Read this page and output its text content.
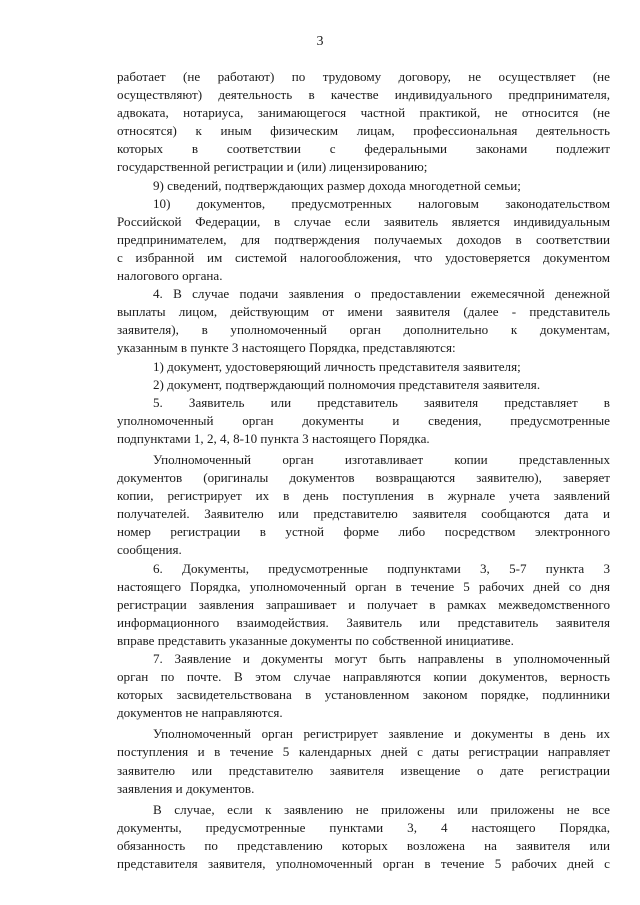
3

работает (не работают) по трудовому договору, не осуществляет (не

осуществляют) деятельность в качестве индивидуального предпринимателя,

адвоката, нотариуса, занимающегося частной практикой, не относится (не

относятся) к иным физическим лицам, профессиональная деятельность

которых в соответствии с федеральными законами подлежит

государственной регистрации и (или) лицензированию;

9) сведений, подтверждающих размер дохода многодетной семьи;

10) документов, предусмотренных налоговым законодательством

Российской Федерации, в случае если заявитель является индивидуальным

предпринимателем, для подтверждения получаемых доходов в соответствии

с избранной им системой налогообложения, что удостоверяется документом

налогового органа.

4. В случае подачи заявления о предоставлении ежемесячной денежной

выплаты лицом, действующим от имени заявителя (далее - представитель

заявителя), в уполномоченный орган дополнительно к документам,

указанным в пункте 3 настоящего Порядка, представляются:

1) документ, удостоверяющий личность представителя заявителя;

2) документ, подтверждающий полномочия представителя заявителя.

5. Заявитель или представитель заявителя представляет в

уполномоченный орган документы и сведения, предусмотренные

подпунктами 1, 2, 4, 8-10 пункта 3 настоящего Порядка.

Уполномоченный орган изготавливает копии представленных

документов (оригиналы документов возвращаются заявителю), заверяет

копии, регистрирует их в день поступления в журнале учета заявлений

получателей. Заявителю или представителю заявителя сообщаются дата и

номер регистрации в устной форме либо посредством электронного

сообщения.

6. Документы, предусмотренные подпунктами 3, 5-7 пункта 3

настоящего Порядка, уполномоченный орган в течение 5 рабочих дней со дня

регистрации заявления запрашивает и получает в рамках межведомственного

информационного взаимодействия. Заявитель или представитель заявителя

вправе представить указанные документы по собственной инициативе.

7. Заявление и документы могут быть направлены в уполномоченный

орган по почте. В этом случае направляются копии документов, верность

которых засвидетельствована в установленном законом порядке, подлинники

документов не направляются.

Уполномоченный орган регистрирует заявление и документы в день их

поступления и в течение 5 календарных дней с даты регистрации направляет

заявителю или представителю заявителя извещение о дате регистрации

заявления и документов.

В случае, если к заявлению не приложены или приложены не все

документы, предусмотренные пунктами 3, 4 настоящего Порядка,

обязанность по представлению которых возложена на заявителя или

представителя заявителя, уполномоченный орган в течение 5 рабочих дней с
